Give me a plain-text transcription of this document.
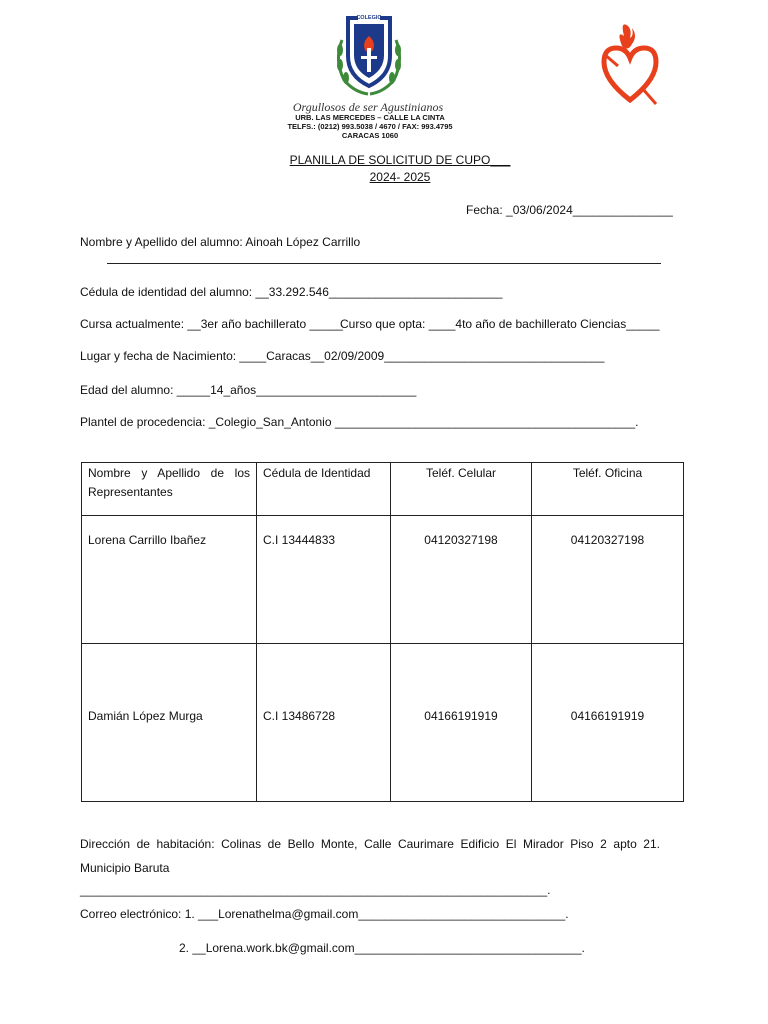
COLEGIO
Orgullosos de ser Agustinianos
URB. LAS MERCEDES – CALLE LA CINTA
TELFS.: (0212) 993.5038 / 4670 / FAX: 993.4795
CARACAS 1060
PLANILLA DE SOLICITUD DE CUPO___
2024- 2025
Fecha: _03/06/2024_______________
Nombre y Apellido del alumno: Ainoah López Carrillo
Cédula de identidad del alumno: __33.292.546__________________________
Cursa actualmente: __3er año bachillerato _____
Curso que opta: ____4to año de bachillerato Ciencias_____
Lugar y fecha de Nacimiento: ____Caracas__02/09/2009_________________________________
Edad del alumno: _____14_años________________________
Plantel de procedencia: _Colegio_San_Antonio _____________________________________________.
Nombre y Apellido de los Representantes	Cédula de Identidad	Teléf. Celular	Teléf. Oficina

Lorena Carrillo Ibañez	C.I 13444833	04120327198	04120327198

Damián López Murga	C.I 13486728	04166191919	04166191919
Dirección de habitación: Colinas de Bello Monte, Calle Caurimare Edificio El Mirador Piso 2 apto 21. Municipio Baruta
______________________________________________________________________.
Correo electrónico: 1. ___Lorenathelma@gmail.com_______________________________.
2. __Lorena.work.bk@gmail.com__________________________________.
